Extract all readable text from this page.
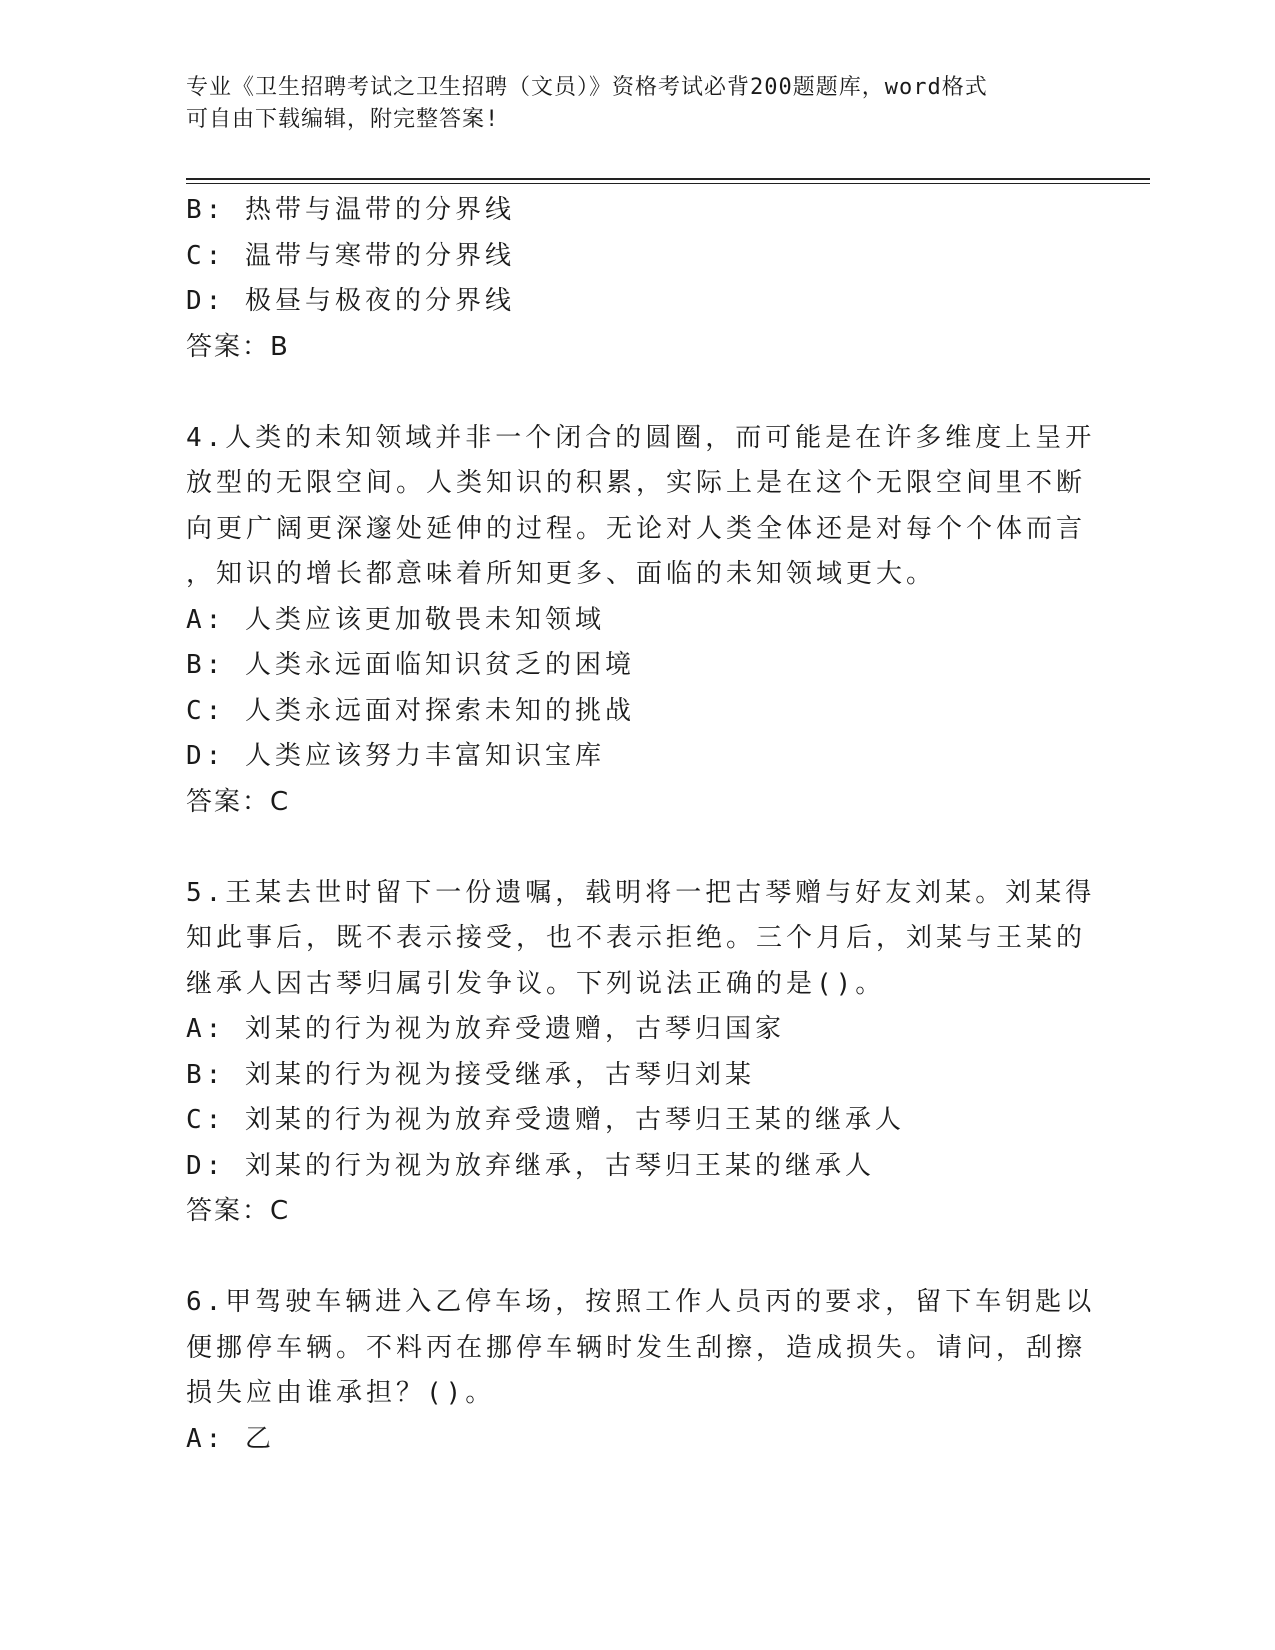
专业《卫生招聘考试之卫生招聘（文员）》资格考试必背200题题库，word格式
可自由下载编辑，附完整答案!
B: 热带与温带的分界线
C: 温带与寒带的分界线
D: 极昼与极夜的分界线
答案：B
4.人类的未知领域并非一个闭合的圆圈，而可能是在许多维度上呈开
放型的无限空间。人类知识的积累，实际上是在这个无限空间里不断
向更广阔更深邃处延伸的过程。无论对人类全体还是对每个个体而言
，知识的增长都意味着所知更多、面临的未知领域更大。
A: 人类应该更加敬畏未知领域
B: 人类永远面临知识贫乏的困境
C: 人类永远面对探索未知的挑战
D: 人类应该努力丰富知识宝库
答案：C
5.王某去世时留下一份遗嘱，载明将一把古琴赠与好友刘某。刘某得
知此事后，既不表示接受，也不表示拒绝。三个月后，刘某与王某的
继承人因古琴归属引发争议。下列说法正确的是()。
A: 刘某的行为视为放弃受遗赠，古琴归国家
B: 刘某的行为视为接受继承，古琴归刘某
C: 刘某的行为视为放弃受遗赠，古琴归王某的继承人
D: 刘某的行为视为放弃继承，古琴归王某的继承人
答案：C
6.甲驾驶车辆进入乙停车场，按照工作人员丙的要求，留下车钥匙以
便挪停车辆。不料丙在挪停车辆时发生刮擦，造成损失。请问，刮擦
损失应由谁承担？()。
A: 乙
